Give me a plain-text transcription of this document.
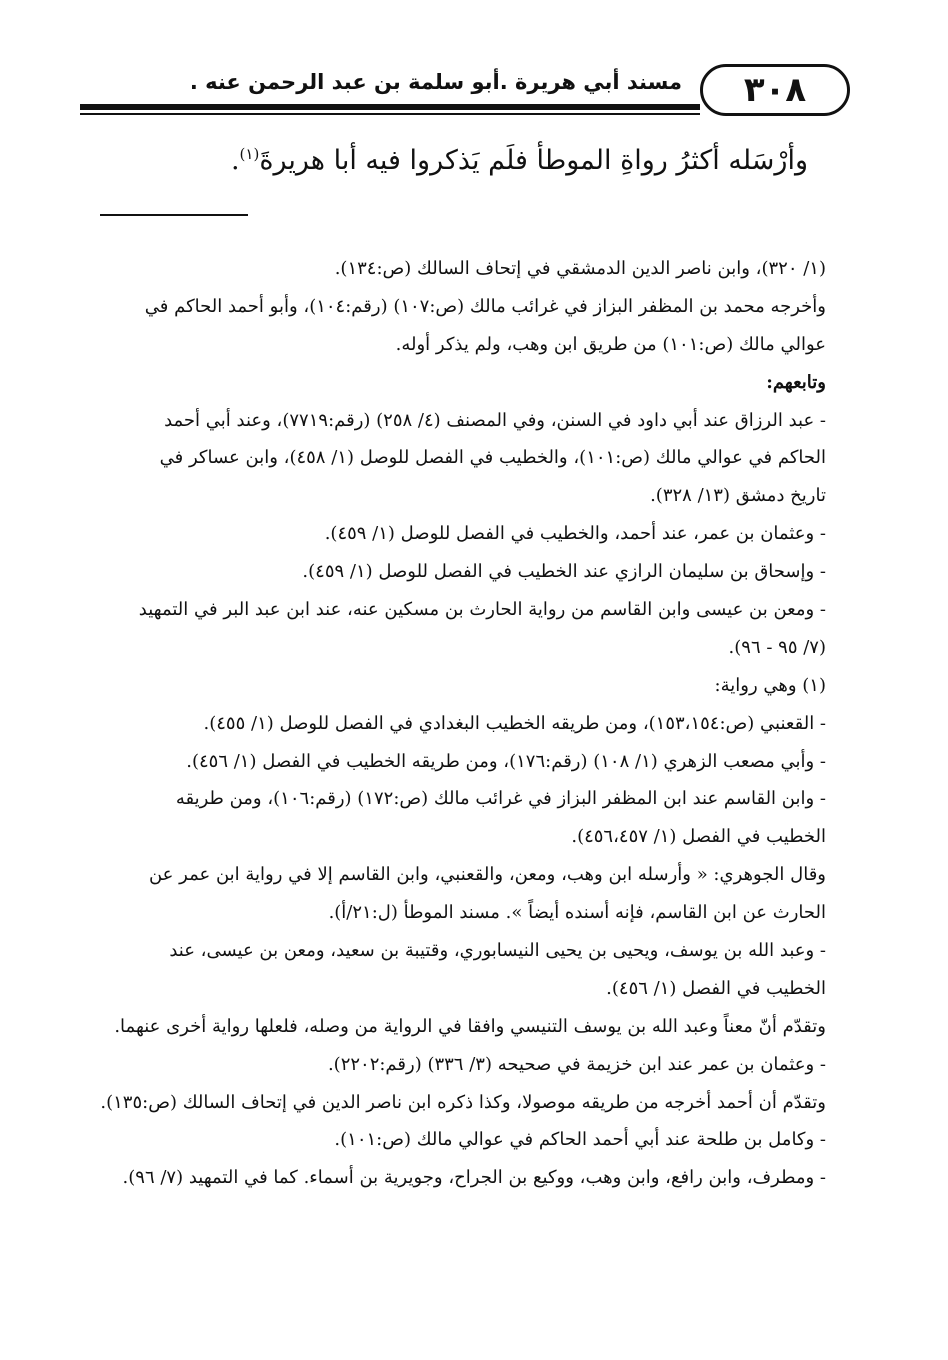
٣٠٨
مسند أبي هريرة .أبو سلمة بن عبد الرحمن عنه .
وأرْسَله أكثرُ رواةِ الموطأ فلَم يَذكروا فيه أبا هريرةَ$^{(١)}$.
(١/ ٣٢٠)، وابن ناصر الدين الدمشقي في إتحاف السالك (ص:١٣٤).
وأخرجه محمد بن المظفر البزاز في غرائب مالك (ص:١٠٧) (رقم:١٠٤)، وأبو أحمد الحاكم في
عوالي مالك (ص:١٠١) من طريق ابن وهب، ولم يذكر أوله.
وتابعهم:
- عبد الرزاق عند أبي داود في السنن، وفي المصنف (٤/ ٢٥٨) (رقم:٧٧١٩)، وعند أبي أحمد
الحاكم في عوالي مالك (ص:١٠١)، والخطيب في الفصل للوصل (١/ ٤٥٨)، وابن عساكر في
تاريخ دمشق (١٣/ ٣٢٨).
- وعثمان بن عمر، عند أحمد، والخطيب في الفصل للوصل (١/ ٤٥٩).
- وإسحاق بن سليمان الرازي عند الخطيب في الفصل للوصل (١/ ٤٥٩).
- ومعن بن عيسى وابن القاسم من رواية الحارث بن مسكين عنه، عند ابن عبد البر في التمهيد
(٧/ ٩٥ - ٩٦).
(١) وهي رواية:
- القعنبي (ص:١٥٣،١٥٤)، ومن طريقه الخطيب البغدادي في الفصل للوصل (١/ ٤٥٥).
- وأبي مصعب الزهري (١/ ١٠٨) (رقم:١٧٦)، ومن طريقه الخطيب في الفصل (١/ ٤٥٦).
- وابن القاسم عند ابن المظفر البزاز في غرائب مالك (ص:١٧٢) (رقم:١٠٦)، ومن طريقه
الخطيب في الفصل (١/ ٤٥٦،٤٥٧).
وقال الجوهري: « وأرسله ابن وهب، ومعن، والقعنبي، وابن القاسم إلا في رواية ابن عمر عن
الحارث عن ابن القاسم، فإنه أسنده أيضاً ». مسند الموطأ (ل:٢١/أ).
- وعبد الله بن يوسف، ويحيى بن يحيى النيسابوري، وقتيبة بن سعيد، ومعن بن عيسى، عند
الخطيب في الفصل (١/ ٤٥٦).
وتقدّم أنّ معناً وعبد الله بن يوسف التنيسي وافقا في الرواية من وصله، فلعلها رواية أخرى عنهما.
- وعثمان بن عمر عند ابن خزيمة في صحيحه (٣/ ٣٣٦) (رقم:٢٢٠٢).
وتقدّم أن أحمد أخرجه من طريقه موصولا، وكذا ذكره ابن ناصر الدين في إتحاف السالك (ص:١٣٥).
- وكامل بن طلحة عند أبي أحمد الحاكم في عوالي مالك (ص:١٠١).
- ومطرف، وابن رافع، وابن وهب، ووكيع بن الجراح، وجويرية بن أسماء. كما في التمهيد (٧/ ٩٦).
